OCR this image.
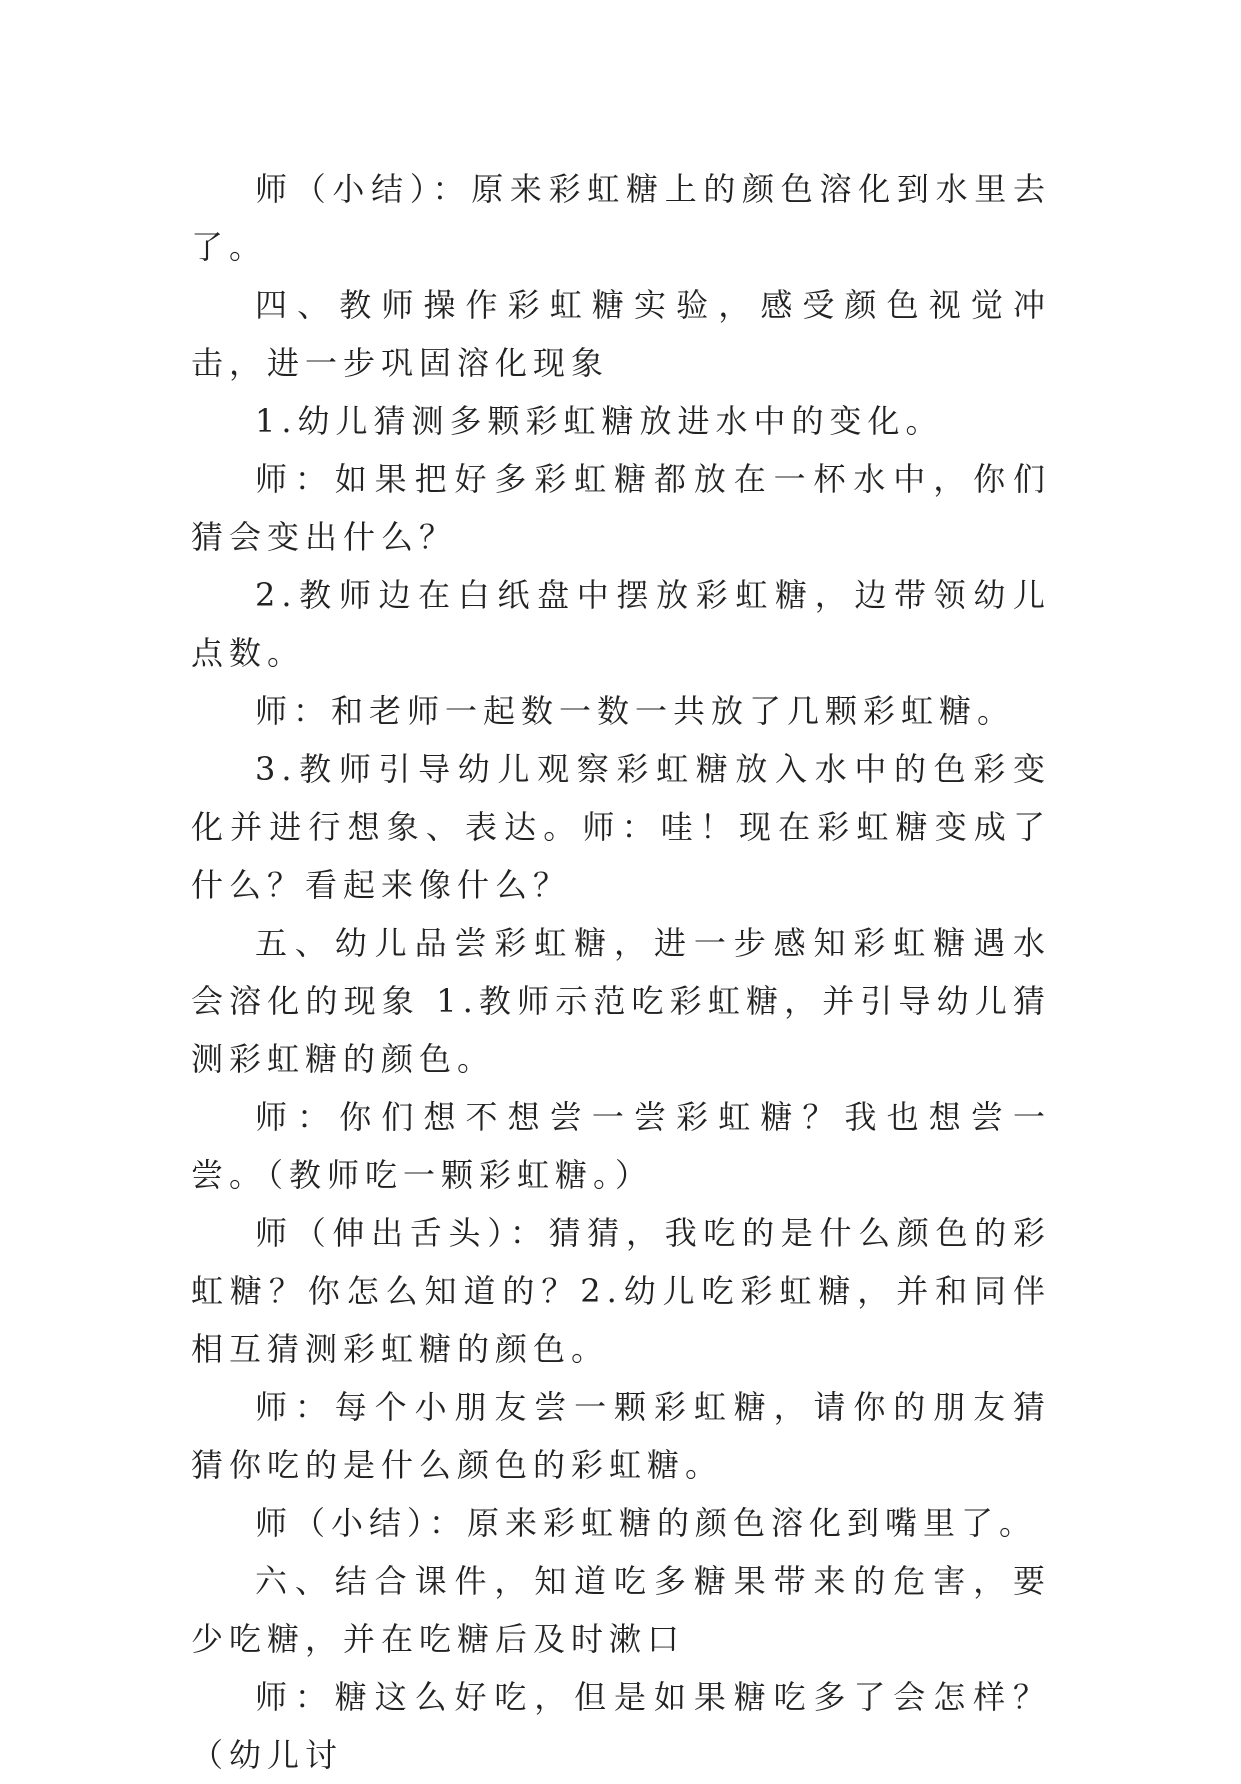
师（小结）：原来彩虹糖上的颜色溶化到水里去了。

四、教师操作彩虹糖实验，感受颜色视觉冲击，进一步巩固溶化现象

1.幼儿猜测多颗彩虹糖放进水中的变化。

师：如果把好多彩虹糖都放在一杯水中，你们猜会变出什么？

2.教师边在白纸盘中摆放彩虹糖，边带领幼儿点数。

师：和老师一起数一数一共放了几颗彩虹糖。

3.教师引导幼儿观察彩虹糖放入水中的色彩变化并进行想象、表达。师：哇！现在彩虹糖变成了什么？看起来像什么？

五、幼儿品尝彩虹糖，进一步感知彩虹糖遇水会溶化的现象 1.教师示范吃彩虹糖，并引导幼儿猜测彩虹糖的颜色。

师：你们想不想尝一尝彩虹糖？我也想尝一尝。（教师吃一颗彩虹糖。）

师（伸出舌头）：猜猜，我吃的是什么颜色的彩虹糖？你怎么知道的？2.幼儿吃彩虹糖，并和同伴相互猜测彩虹糖的颜色。

师：每个小朋友尝一颗彩虹糖，请你的朋友猜猜你吃的是什么颜色的彩虹糖。

师（小结）：原来彩虹糖的颜色溶化到嘴里了。

六、结合课件，知道吃多糖果带来的危害，要少吃糖，并在吃糖后及时漱口

师：糖这么好吃，但是如果糖吃多了会怎样？（幼儿讨
